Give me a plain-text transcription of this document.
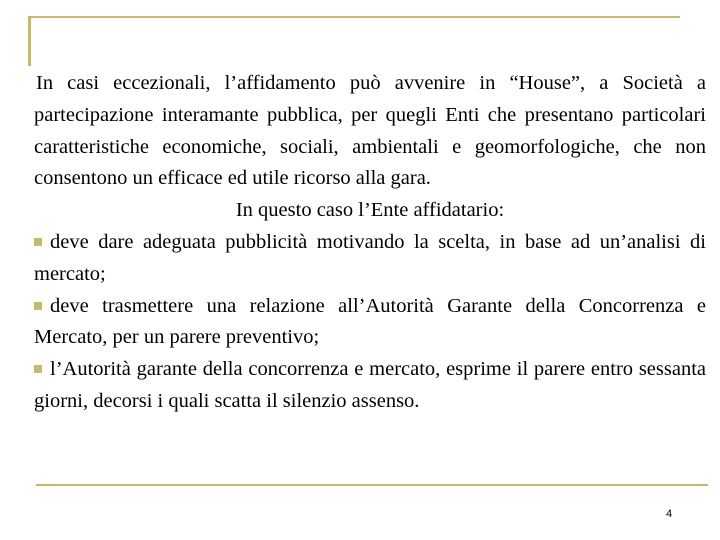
In casi eccezionali, l’affidamento può avvenire in “House”, a Società a partecipazione interamante pubblica, per quegli Enti che presentano particolari caratteristiche economiche, sociali, ambientali e geomorfologiche, che non consentono un efficace ed utile ricorso alla gara.

In questo caso l’Ente affidatario:

deve dare adeguata pubblicità motivando la scelta, in base ad un’analisi di mercato;

deve trasmettere una relazione all’Autorità Garante della Concorrenza e Mercato, per un parere preventivo;

l’Autorità garante della concorrenza e mercato, esprime il parere entro sessanta giorni, decorsi i quali scatta il silenzio assenso.

4
